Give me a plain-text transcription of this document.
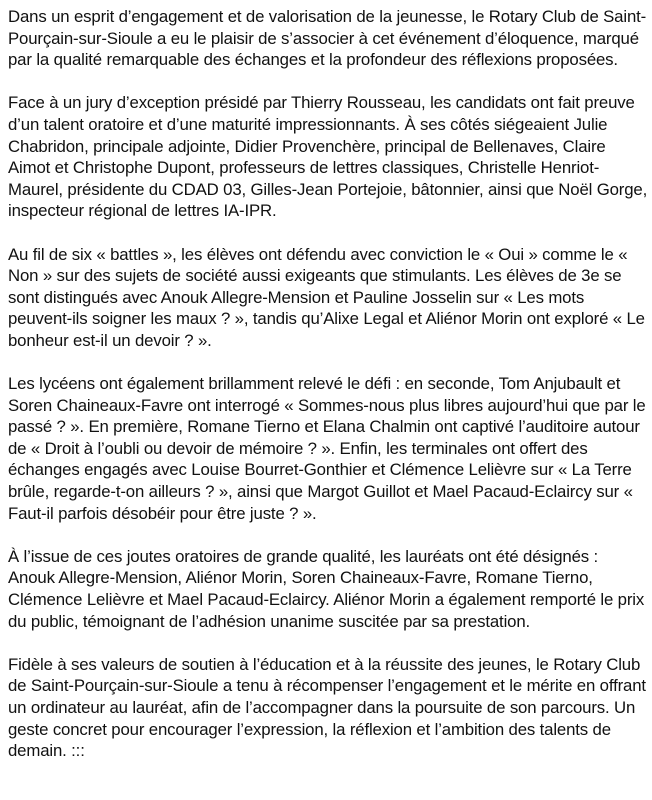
Dans un esprit d’engagement et de valorisation de la jeunesse, le Rotary Club de Saint-Pourçain-sur-Sioule a eu le plaisir de s’associer à cet événement d’éloquence, marqué par la qualité remarquable des échanges et la profondeur des réflexions proposées.

Face à un jury d’exception présidé par Thierry Rousseau, les candidats ont fait preuve d’un talent oratoire et d’une maturité impressionnants. À ses côtés siégeaient Julie Chabridon, principale adjointe, Didier Provenchère, principal de Bellenaves, Claire Aimot et Christophe Dupont, professeurs de lettres classiques, Christelle Henriot-Maurel, présidente du CDAD 03, Gilles-Jean Portejoie, bâtonnier, ainsi que Noël Gorge, inspecteur régional de lettres IA-IPR.

Au fil de six « battles », les élèves ont défendu avec conviction le « Oui » comme le « Non » sur des sujets de société aussi exigeants que stimulants. Les élèves de 3e se sont distingués avec Anouk Allegre-Mension et Pauline Josselin sur « Les mots peuvent-ils soigner les maux ? », tandis qu’Alixe Legal et Aliénor Morin ont exploré « Le bonheur est-il un devoir ? ».

Les lycéens ont également brillamment relevé le défi : en seconde, Tom Anjubault et Soren Chaineaux-Favre ont interrogé « Sommes-nous plus libres aujourd’hui que par le passé ? ». En première, Romane Tierno et Elana Chalmin ont captivé l’auditoire autour de « Droit à l’oubli ou devoir de mémoire ? ». Enfin, les terminales ont offert des échanges engagés avec Louise Bourret-Gonthier et Clémence Lelièvre sur « La Terre brûle, regarde-t-on ailleurs ? », ainsi que Margot Guillot et Mael Pacaud-Eclaircy sur « Faut-il parfois désobéir pour être juste ? ».

À l’issue de ces joutes oratoires de grande qualité, les lauréats ont été désignés : Anouk Allegre-Mension, Aliénor Morin, Soren Chaineaux-Favre, Romane Tierno, Clémence Lelièvre et Mael Pacaud-Eclaircy. Aliénor Morin a également remporté le prix du public, témoignant de l’adhésion unanime suscitée par sa prestation.

Fidèle à ses valeurs de soutien à l’éducation et à la réussite des jeunes, le Rotary Club de Saint-Pourçain-sur-Sioule a tenu à récompenser l’engagement et le mérite en offrant un ordinateur au lauréat, afin de l’accompagner dans la poursuite de son parcours. Un geste concret pour encourager l’expression, la réflexion et l’ambition des talents de demain. :::
